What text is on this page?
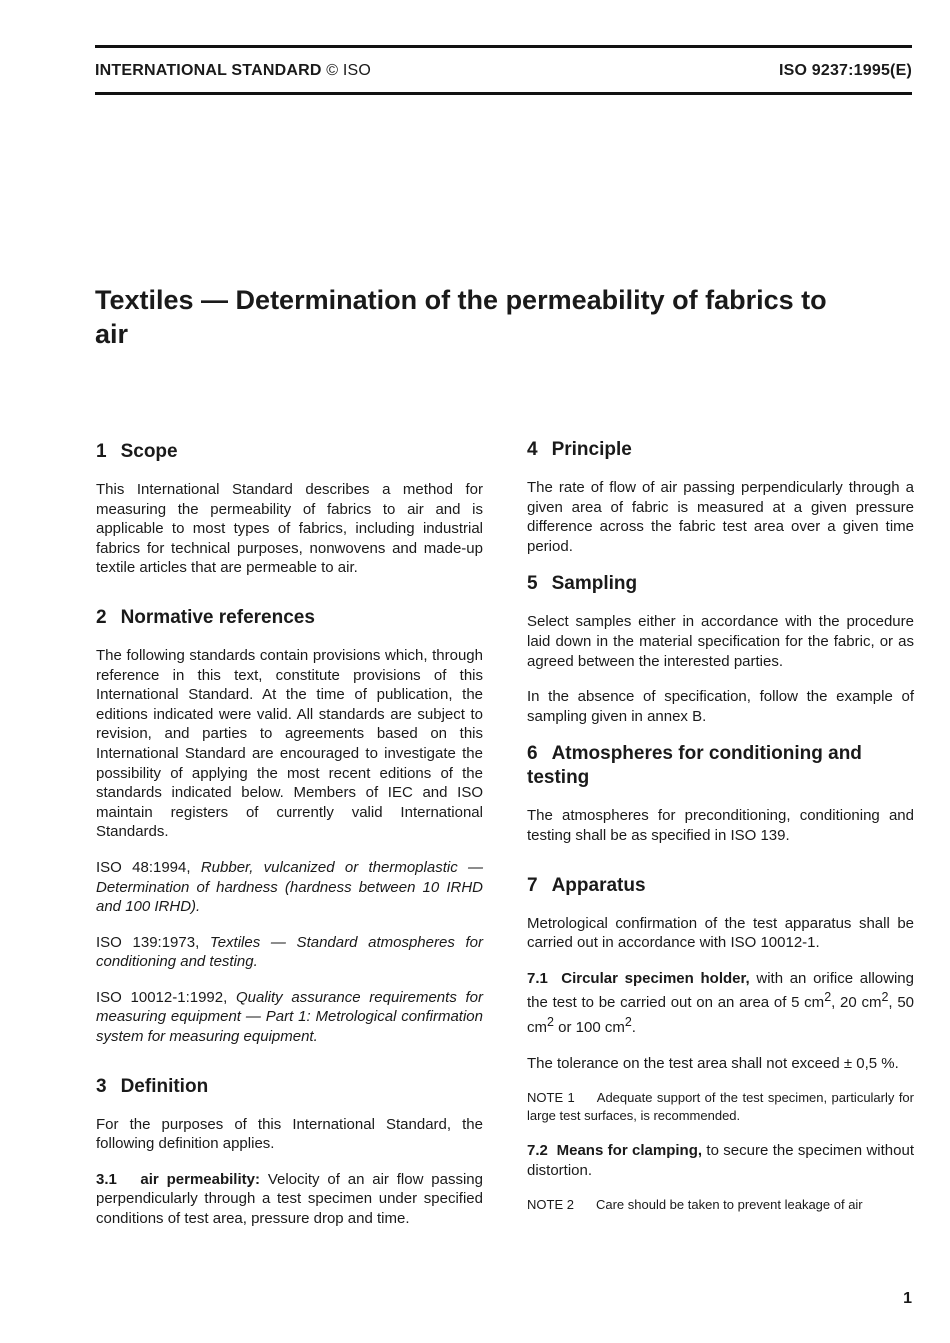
INTERNATIONAL STANDARD © ISO	ISO 9237:1995(E)
Textiles — Determination of the permeability of fabrics to air
1 Scope

This International Standard describes a method for measuring the permeability of fabrics to air and is applicable to most types of fabrics, including industrial fabrics for technical purposes, nonwovens and made-up textile articles that are permeable to air.

2 Normative references

The following standards contain provisions which, through reference in this text, constitute provisions of this International Standard. At the time of publication, the editions indicated were valid. All standards are subject to revision, and parties to agreements based on this International Standard are encouraged to investigate the possibility of applying the most recent editions of the standards indicated below. Members of IEC and ISO maintain registers of currently valid International Standards.

ISO 48:1994, Rubber, vulcanized or thermoplastic — Determination of hardness (hardness between 10 IRHD and 100 IRHD).

ISO 139:1973, Textiles — Standard atmospheres for conditioning and testing.

ISO 10012-1:1992, Quality assurance requirements for measuring equipment — Part 1: Metrological confirmation system for measuring equipment.

3 Definition

For the purposes of this International Standard, the following definition applies.

3.1 air permeability: Velocity of an air flow passing perpendicularly through a test specimen under specified conditions of test area, pressure drop and time.

4 Principle

The rate of flow of air passing perpendicularly through a given area of fabric is measured at a given pressure difference across the fabric test area over a given time period.

5 Sampling

Select samples either in accordance with the procedure laid down in the material specification for the fabric, or as agreed between the interested parties.

In the absence of specification, follow the example of sampling given in annex B.

6 Atmospheres for conditioning and testing

The atmospheres for preconditioning, conditioning and testing shall be as specified in ISO 139.

7 Apparatus

Metrological confirmation of the test apparatus shall be carried out in accordance with ISO 10012-1.

7.1 Circular specimen holder, with an orifice allowing the test to be carried out on an area of 5 $cm^2$, 20 $cm^2$, 50 $cm^2$ or 100 $cm^2$.

The tolerance on the test area shall not exceed ± 0,5 %.

NOTE 1 Adequate support of the test specimen, particularly for large test surfaces, is recommended.

7.2 Means for clamping, to secure the specimen without distortion.

NOTE 2 Care should be taken to prevent leakage of air

1
